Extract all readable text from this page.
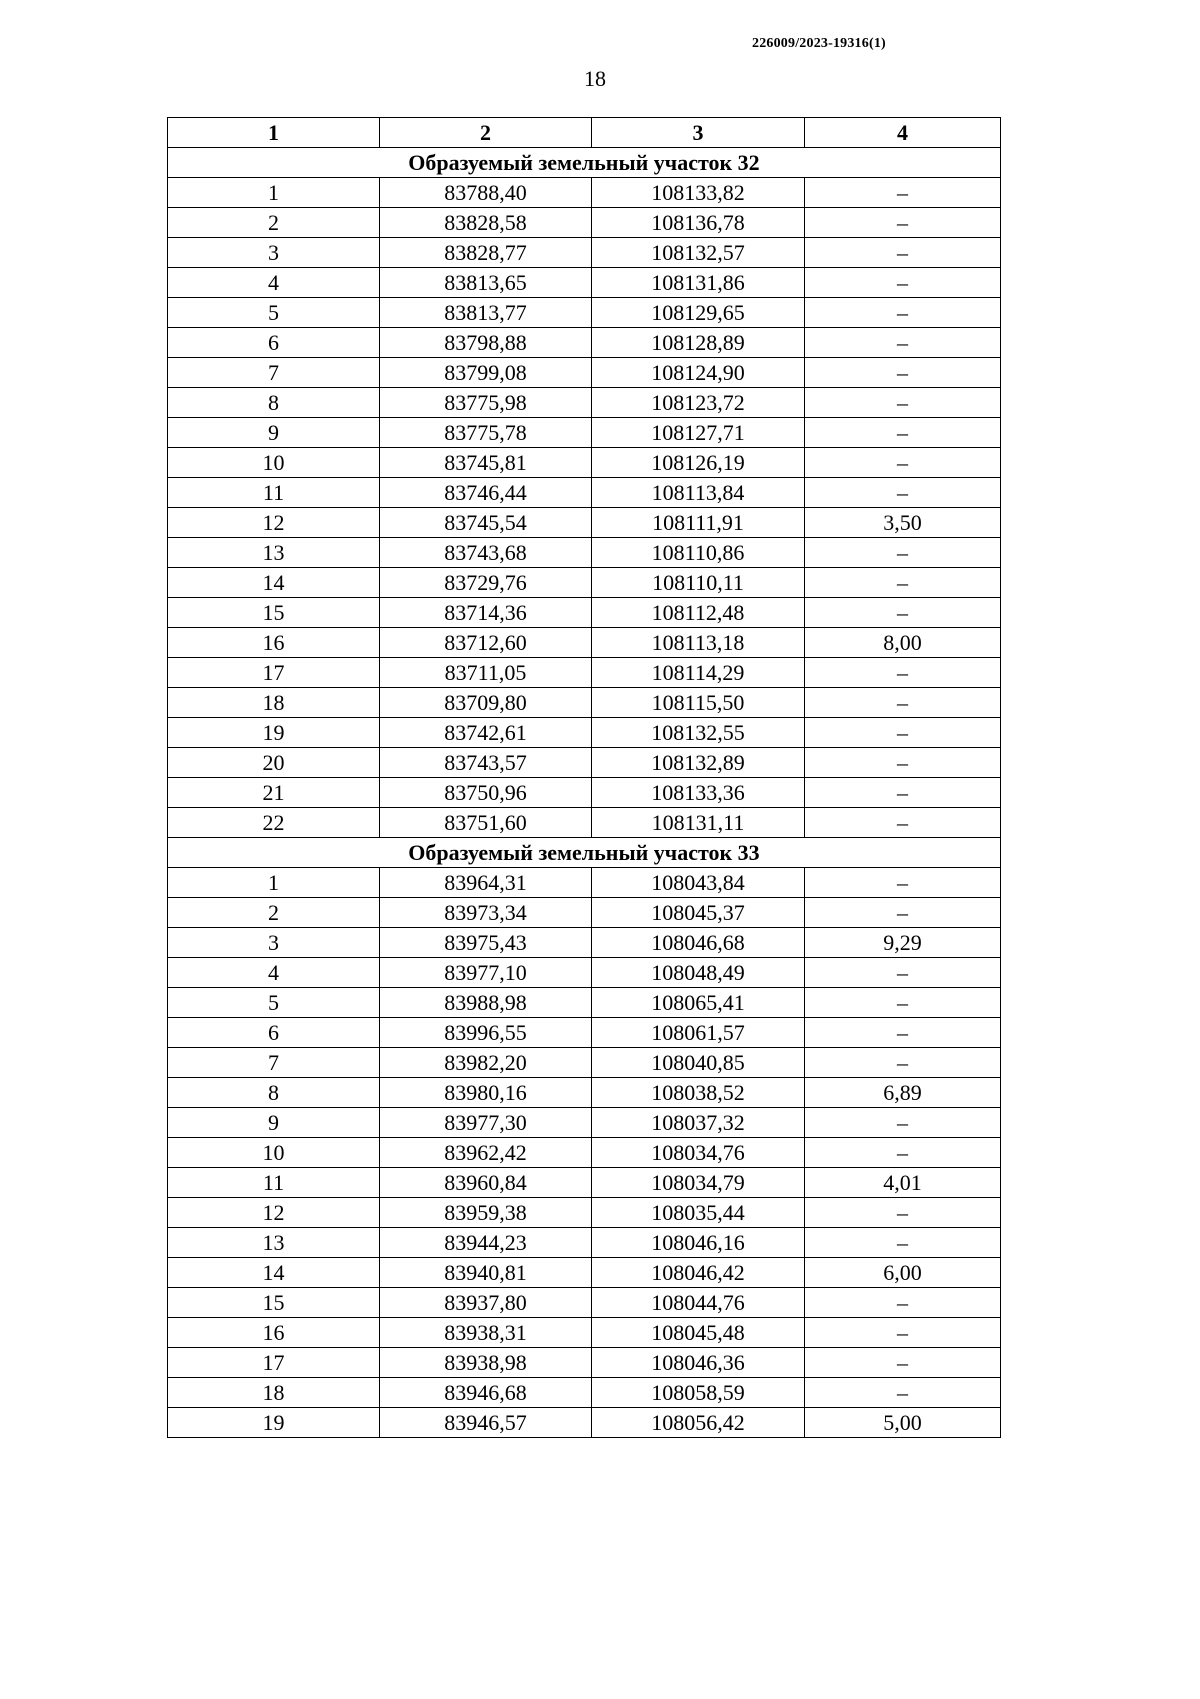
226009/2023-19316(1)
18
1	2	3	4
Образуемый земельный участок 32			
1	83788,40	108133,82	–
2	83828,58	108136,78	–
3	83828,77	108132,57	–
4	83813,65	108131,86	–
5	83813,77	108129,65	–
6	83798,88	108128,89	–
7	83799,08	108124,90	–
8	83775,98	108123,72	–
9	83775,78	108127,71	–
10	83745,81	108126,19	–
11	83746,44	108113,84	–
12	83745,54	108111,91	3,50
13	83743,68	108110,86	–
14	83729,76	108110,11	–
15	83714,36	108112,48	–
16	83712,60	108113,18	8,00
17	83711,05	108114,29	–
18	83709,80	108115,50	–
19	83742,61	108132,55	–
20	83743,57	108132,89	–
21	83750,96	108133,36	–
22	83751,60	108131,11	–
Образуемый земельный участок 33			
1	83964,31	108043,84	–
2	83973,34	108045,37	–
3	83975,43	108046,68	9,29
4	83977,10	108048,49	–
5	83988,98	108065,41	–
6	83996,55	108061,57	–
7	83982,20	108040,85	–
8	83980,16	108038,52	6,89
9	83977,30	108037,32	–
10	83962,42	108034,76	–
11	83960,84	108034,79	4,01
12	83959,38	108035,44	–
13	83944,23	108046,16	–
14	83940,81	108046,42	6,00
15	83937,80	108044,76	–
16	83938,31	108045,48	–
17	83938,98	108046,36	–
18	83946,68	108058,59	–
19	83946,57	108056,42	5,00
